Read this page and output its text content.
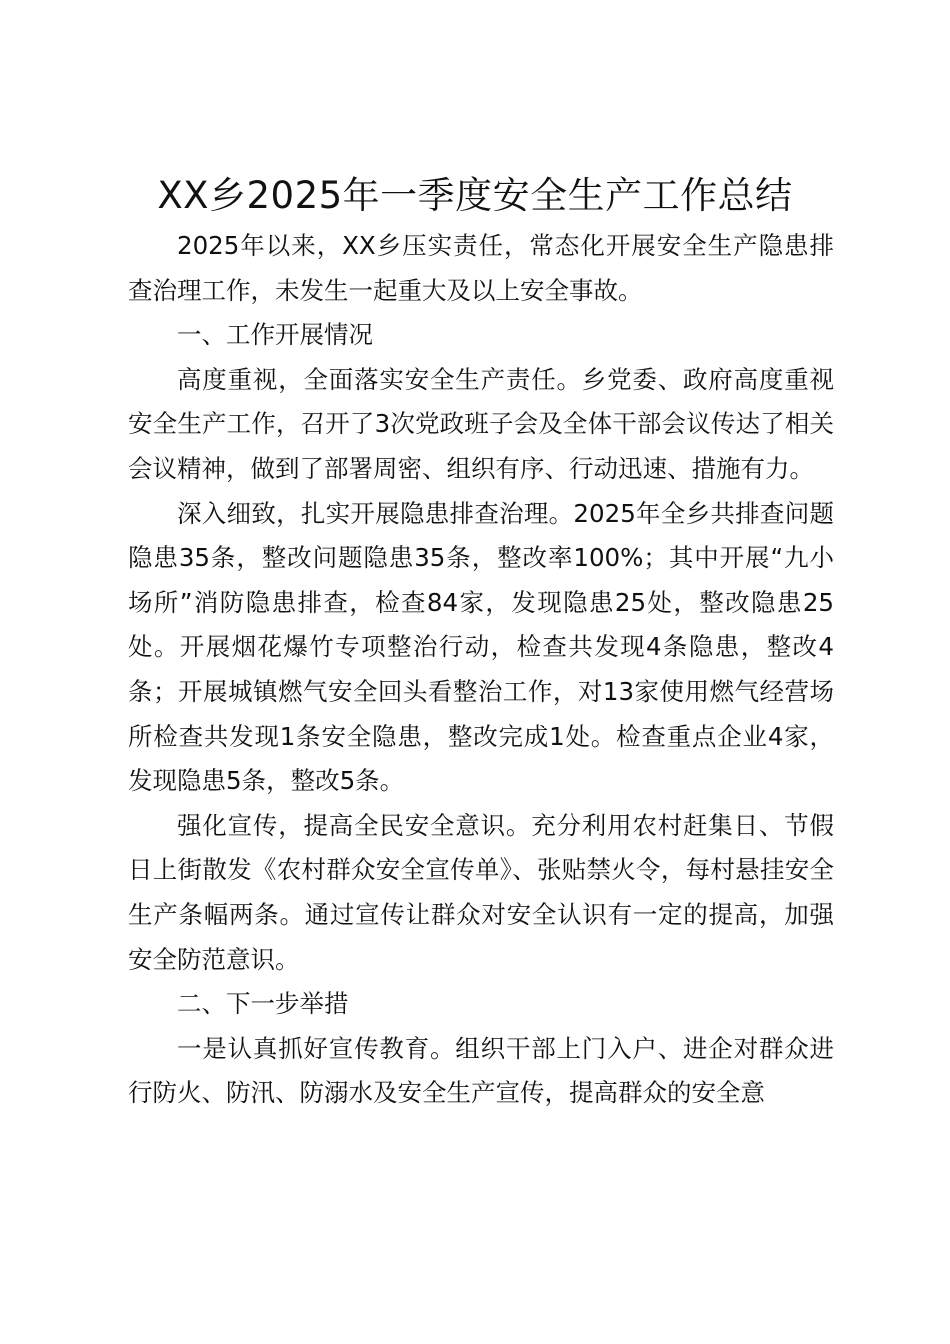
XX乡2025年一季度安全生产工作总结

2025年以来，XX乡压实责任，常态化开展安全生产隐患排查治理工作，未发生一起重大及以上安全事故。

一、工作开展情况

高度重视，全面落实安全生产责任。乡党委、政府高度重视安全生产工作，召开了3次党政班子会及全体干部会议传达了相关会议精神，做到了部署周密、组织有序、行动迅速、措施有力。

深入细致，扎实开展隐患排查治理。2025年全乡共排查问题隐患35条，整改问题隐患35条，整改率100%；其中开展“九小场所”消防隐患排查，检查84家，发现隐患25处，整改隐患25处。开展烟花爆竹专项整治行动，检查共发现4条隐患，整改4条；开展城镇燃气安全回头看整治工作，对13家使用燃气经营场所检查共发现1条安全隐患，整改完成1处。检查重点企业4家，发现隐患5条，整改5条。

强化宣传，提高全民安全意识。充分利用农村赶集日、节假日上街散发《农村群众安全宣传单》、张贴禁火令，每村悬挂安全生产条幅两条。通过宣传让群众对安全认识有一定的提高，加强安全防范意识。

二、下一步举措

一是认真抓好宣传教育。组织干部上门入户、进企对群众进行防火、防汛、防溺水及安全生产宣传，提高群众的安全意
